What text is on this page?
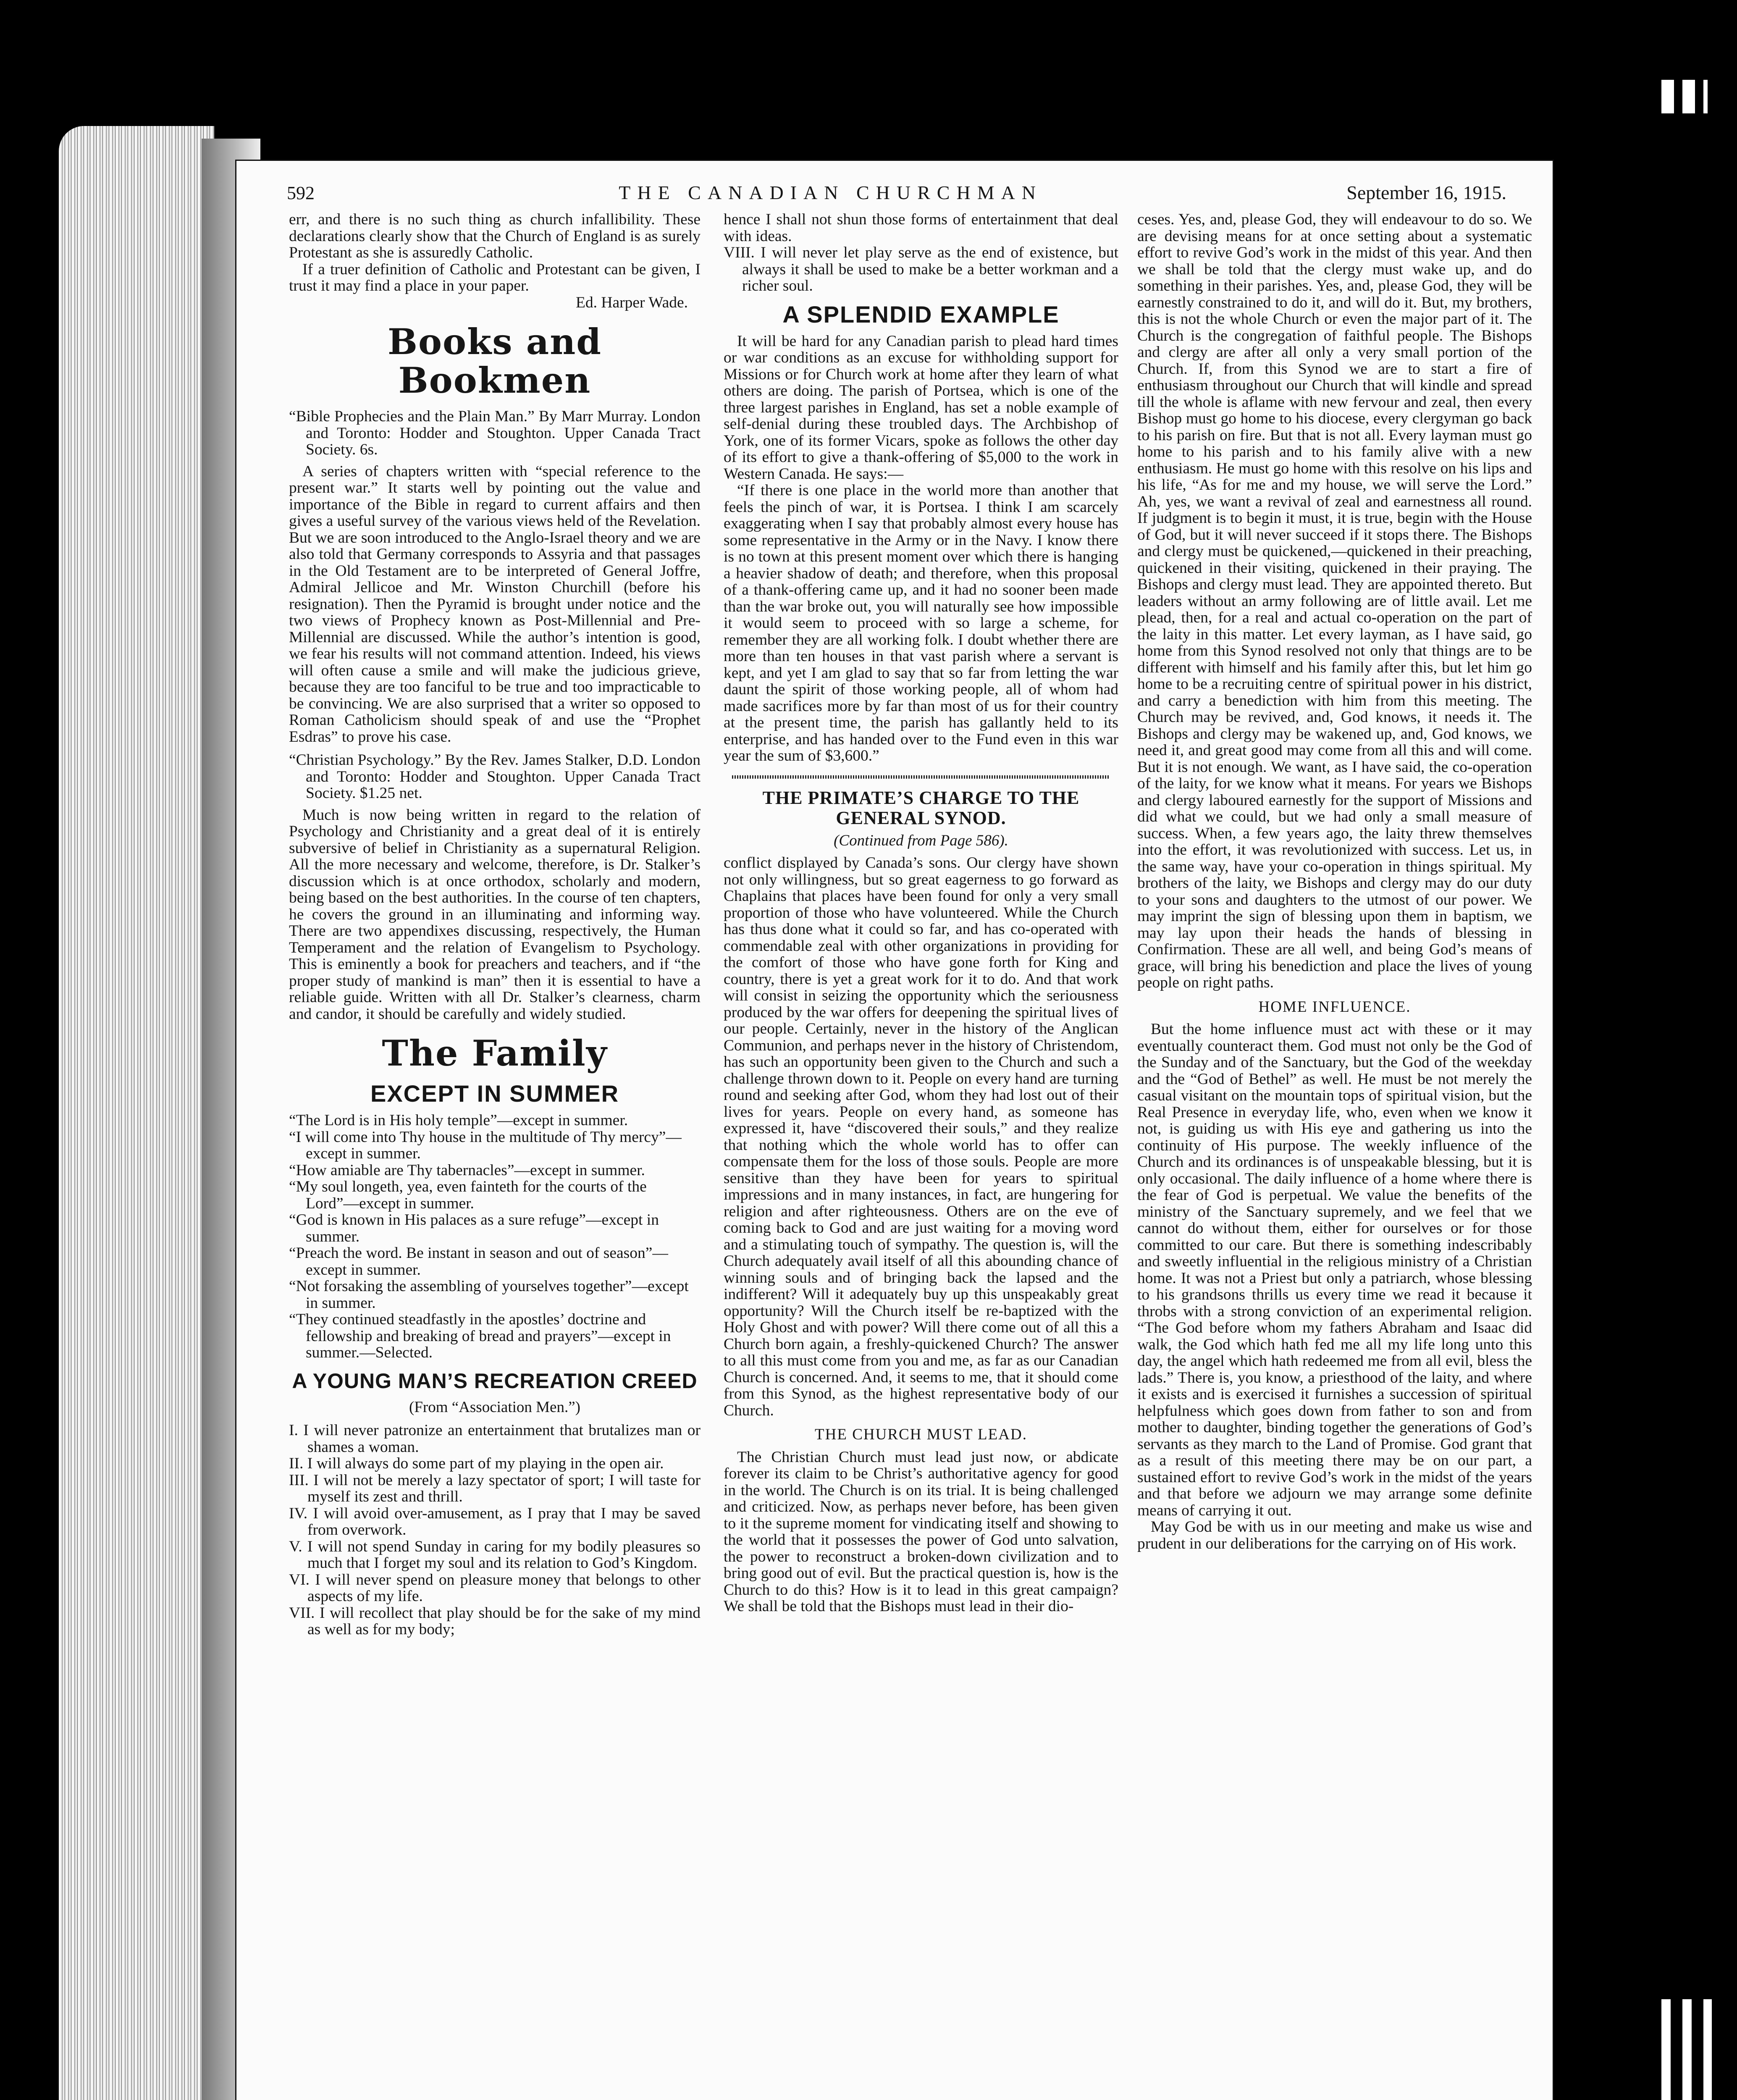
592	THE CANADIAN CHURCHMAN	September 16, 1915.

err, and there is no such thing as church infallibility. These declarations clearly show that the Church of England is as surely Protestant as she is assuredly Catholic.

If a truer definition of Catholic and Protestant can be given, I trust it may find a place in your paper.

Ed. Harper Wade.

Books and Bookmen

“Bible Prophecies and the Plain Man.” By Marr Murray. London and Toronto: Hodder and Stoughton. Upper Canada Tract Society. 6s.

A series of chapters written with “special reference to the present war.” It starts well by pointing out the value and importance of the Bible in regard to current affairs and then gives a useful survey of the various views held of the Revelation. But we are soon introduced to the Anglo-Israel theory and we are also told that Germany corresponds to Assyria and that passages in the Old Testament are to be interpreted of General Joffre, Admiral Jellicoe and Mr. Winston Churchill (before his resignation). Then the Pyramid is brought under notice and the two views of Prophecy known as Post-Millennial and Pre-Millennial are discussed. While the author’s intention is good, we fear his results will not command attention. Indeed, his views will often cause a smile and will make the judicious grieve, because they are too fanciful to be true and too impracticable to be convincing. We are also surprised that a writer so opposed to Roman Catholicism should speak of and use the “Prophet Esdras” to prove his case.

“Christian Psychology.” By the Rev. James Stalker, D.D. London and Toronto: Hodder and Stoughton. Upper Canada Tract Society. $1.25 net.

Much is now being written in regard to the relation of Psychology and Christianity and a great deal of it is entirely subversive of belief in Christianity as a supernatural Religion. All the more necessary and welcome, therefore, is Dr. Stalker’s discussion which is at once orthodox, scholarly and modern, being based on the best authorities. In the course of ten chapters, he covers the ground in an illuminating and informing way. There are two appendixes discussing, respectively, the Human Temperament and the relation of Evangelism to Psychology. This is eminently a book for preachers and teachers, and if “the proper study of mankind is man” then it is essential to have a reliable guide. Written with all Dr. Stalker’s clearness, charm and candor, it should be carefully and widely studied.

The Family
EXCEPT IN SUMMER

“The Lord is in His holy temple”—except in summer.

“I will come into Thy house in the multitude of Thy mercy”—except in summer.

“How amiable are Thy tabernacles”—except in summer.

“My soul longeth, yea, even fainteth for the courts of the Lord”—except in summer.

“God is known in His palaces as a sure refuge”—except in summer.

“Preach the word. Be instant in season and out of season”—except in summer.

“Not forsaking the assembling of yourselves together”—except in summer.

“They continued steadfastly in the apostles’ doctrine and fellowship and breaking of bread and prayers”—except in summer.—Selected.

A YOUNG MAN’S RECREATION CREED
(From “Association Men.”)

I. I will never patronize an entertainment that brutalizes man or shames a woman.

II. I will always do some part of my playing in the open air.

III. I will not be merely a lazy spectator of sport; I will taste for myself its zest and thrill.

IV. I will avoid over-amusement, as I pray that I may be saved from overwork.

V. I will not spend Sunday in caring for my bodily pleasures so much that I forget my soul and its relation to God’s Kingdom.

VI. I will never spend on pleasure money that belongs to other aspects of my life.

VII. I will recollect that play should be for the sake of my mind as well as for my body;

hence I shall not shun those forms of entertainment that deal with ideas.

VIII. I will never let play serve as the end of existence, but always it shall be used to make be a better workman and a richer soul.

A SPLENDID EXAMPLE

It will be hard for any Canadian parish to plead hard times or war conditions as an excuse for withholding support for Missions or for Church work at home after they learn of what others are doing. The parish of Portsea, which is one of the three largest parishes in England, has set a noble example of self-denial during these troubled days. The Archbishop of York, one of its former Vicars, spoke as follows the other day of its effort to give a thank-offering of $5,000 to the work in Western Canada. He says:—

“If there is one place in the world more than another that feels the pinch of war, it is Portsea. I think I am scarcely exaggerating when I say that probably almost every house has some representative in the Army or in the Navy. I know there is no town at this present moment over which there is hanging a heavier shadow of death; and therefore, when this proposal of a thank-offering came up, and it had no sooner been made than the war broke out, you will naturally see how impossible it would seem to proceed with so large a scheme, for remember they are all working folk. I doubt whether there are more than ten houses in that vast parish where a servant is kept, and yet I am glad to say that so far from letting the war daunt the spirit of those working people, all of whom had made sacrifices more by far than most of us for their country at the present time, the parish has gallantly held to its enterprise, and has handed over to the Fund even in this war year the sum of $3,600.”

THE PRIMATE’S CHARGE TO THE GENERAL SYNOD.
(Continued from Page 586).

conflict displayed by Canada’s sons. Our clergy have shown not only willingness, but so great eagerness to go forward as Chaplains that places have been found for only a very small proportion of those who have volunteered. While the Church has thus done what it could so far, and has co-operated with commendable zeal with other organizations in providing for the comfort of those who have gone forth for King and country, there is yet a great work for it to do. And that work will consist in seizing the opportunity which the seriousness produced by the war offers for deepening the spiritual lives of our people. Certainly, never in the history of the Anglican Communion, and perhaps never in the history of Christendom, has such an opportunity been given to the Church and such a challenge thrown down to it. People on every hand are turning round and seeking after God, whom they had lost out of their lives for years. People on every hand, as someone has expressed it, have “discovered their souls,” and they realize that nothing which the whole world has to offer can compensate them for the loss of those souls. People are more sensitive than they have been for years to spiritual impressions and in many instances, in fact, are hungering for religion and after righteousness. Others are on the eve of coming back to God and are just waiting for a moving word and a stimulating touch of sympathy. The question is, will the Church adequately avail itself of all this abounding chance of winning souls and of bringing back the lapsed and the indifferent? Will it adequately buy up this unspeakably great opportunity? Will the Church itself be re-baptized with the Holy Ghost and with power? Will there come out of all this a Church born again, a freshly-quickened Church? The answer to all this must come from you and me, as far as our Canadian Church is concerned. And, it seems to me, that it should come from this Synod, as the highest representative body of our Church.

THE CHURCH MUST LEAD.

The Christian Church must lead just now, or abdicate forever its claim to be Christ’s authoritative agency for good in the world. The Church is on its trial. It is being challenged and criticized. Now, as perhaps never before, has been given to it the supreme moment for vindicating itself and showing to the world that it possesses the power of God unto salvation, the power to reconstruct a broken-down civilization and to bring good out of evil. But the practical question is, how is the Church to do this? How is it to lead in this great campaign? We shall be told that the Bishops must lead in their dio-

ceses. Yes, and, please God, they will endeavour to do so. We are devising means for at once setting about a systematic effort to revive God’s work in the midst of this year. And then we shall be told that the clergy must wake up, and do something in their parishes. Yes, and, please God, they will be earnestly constrained to do it, and will do it. But, my brothers, this is not the whole Church or even the major part of it. The Church is the congregation of faithful people. The Bishops and clergy are after all only a very small portion of the Church. If, from this Synod we are to start a fire of enthusiasm throughout our Church that will kindle and spread till the whole is aflame with new fervour and zeal, then every Bishop must go home to his diocese, every clergyman go back to his parish on fire. But that is not all. Every layman must go home to his parish and to his family alive with a new enthusiasm. He must go home with this resolve on his lips and his life, “As for me and my house, we will serve the Lord.” Ah, yes, we want a revival of zeal and earnestness all round. If judgment is to begin it must, it is true, begin with the House of God, but it will never succeed if it stops there. The Bishops and clergy must be quickened,—quickened in their preaching, quickened in their visiting, quickened in their praying. The Bishops and clergy must lead. They are appointed thereto. But leaders without an army following are of little avail. Let me plead, then, for a real and actual co-operation on the part of the laity in this matter. Let every layman, as I have said, go home from this Synod resolved not only that things are to be different with himself and his family after this, but let him go home to be a recruiting centre of spiritual power in his district, and carry a benediction with him from this meeting. The Church may be revived, and, God knows, it needs it. The Bishops and clergy may be wakened up, and, God knows, we need it, and great good may come from all this and will come. But it is not enough. We want, as I have said, the co-operation of the laity, for we know what it means. For years we Bishops and clergy laboured earnestly for the support of Missions and did what we could, but we had only a small measure of success. When, a few years ago, the laity threw themselves into the effort, it was revolutionized with success. Let us, in the same way, have your co-operation in things spiritual. My brothers of the laity, we Bishops and clergy may do our duty to your sons and daughters to the utmost of our power. We may imprint the sign of blessing upon them in baptism, we may lay upon their heads the hands of blessing in Confirmation. These are all well, and being God’s means of grace, will bring his benediction and place the lives of young people on right paths.

HOME INFLUENCE.

But the home influence must act with these or it may eventually counteract them. God must not only be the God of the Sunday and of the Sanctuary, but the God of the weekday and the “God of Bethel” as well. He must be not merely the casual visitant on the mountain tops of spiritual vision, but the Real Presence in everyday life, who, even when we know it not, is guiding us with His eye and gathering us into the continuity of His purpose. The weekly influence of the Church and its ordinances is of unspeakable blessing, but it is only occasional. The daily influence of a home where there is the fear of God is perpetual. We value the benefits of the ministry of the Sanctuary supremely, and we feel that we cannot do without them, either for ourselves or for those committed to our care. But there is something indescribably and sweetly influential in the religious ministry of a Christian home. It was not a Priest but only a patriarch, whose blessing to his grandsons thrills us every time we read it because it throbs with a strong conviction of an experimental religion. “The God before whom my fathers Abraham and Isaac did walk, the God which hath fed me all my life long unto this day, the angel which hath redeemed me from all evil, bless the lads.” There is, you know, a priesthood of the laity, and where it exists and is exercised it furnishes a succession of spiritual helpfulness which goes down from father to son and from mother to daughter, binding together the generations of God’s servants as they march to the Land of Promise. God grant that as a result of this meeting there may be on our part, a sustained effort to revive God’s work in the midst of the years and that before we adjourn we may arrange some definite means of carrying it out.

May God be with us in our meeting and make us wise and prudent in our deliberations for the carrying on of His work.
